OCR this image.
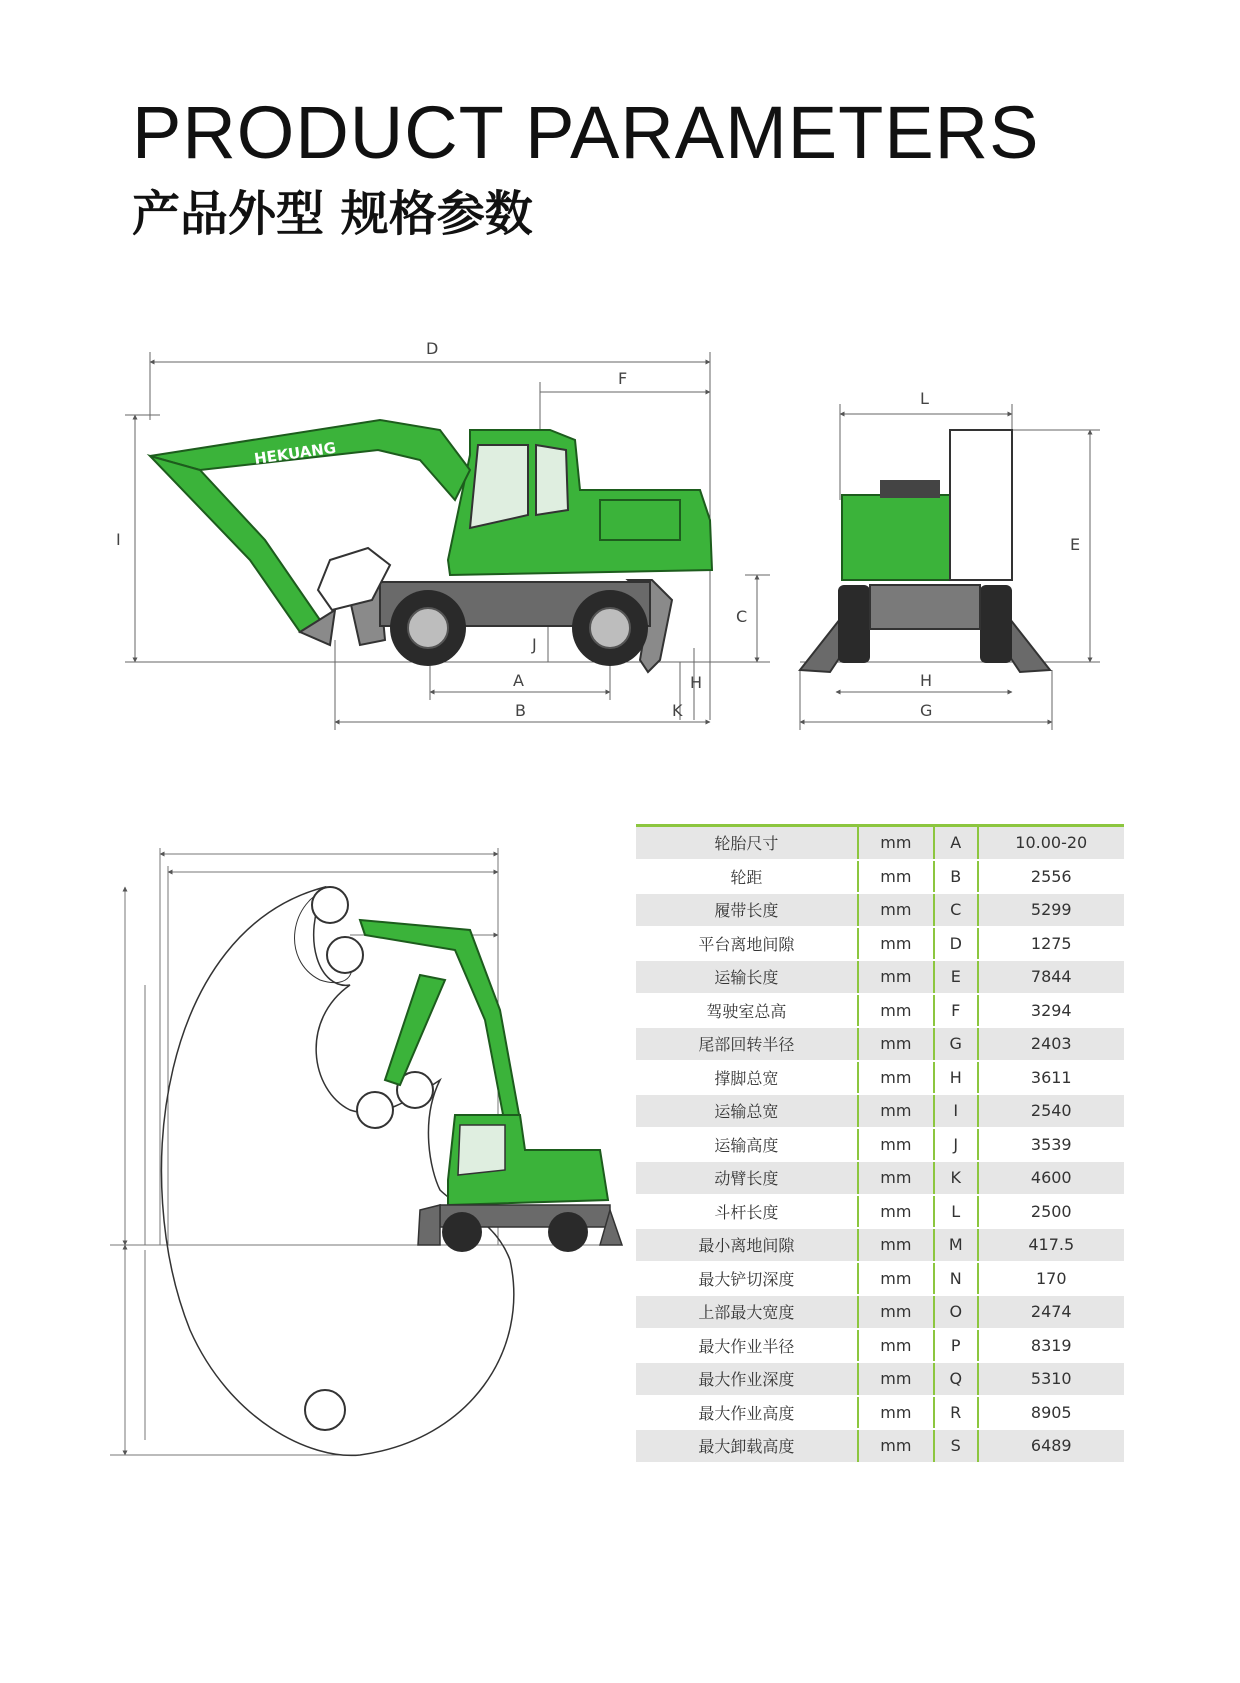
PRODUCT PARAMETERS
产品外型 规格参数
D
F
I
C
J
A
B	K
H
HEKUANG
L
E
H
G
轮胎尺寸	mm	A	10.00-20
轮距	mm	B	2556
履带长度	mm	C	5299
平台离地间隙	mm	D	1275
运输长度	mm	E	7844
驾驶室总高	mm	F	3294
尾部回转半径	mm	G	2403
撑脚总宽	mm	H	3611
运输总宽	mm	I	2540
运输高度	mm	J	3539
动臂长度	mm	K	4600
斗杆长度	mm	L	2500
最小离地间隙	mm	M	417.5
最大铲切深度	mm	N	170
上部最大宽度	mm	O	2474
最大作业半径	mm	P	8319
最大作业深度	mm	Q	5310
最大作业高度	mm	R	8905
最大卸载高度	mm	S	6489
